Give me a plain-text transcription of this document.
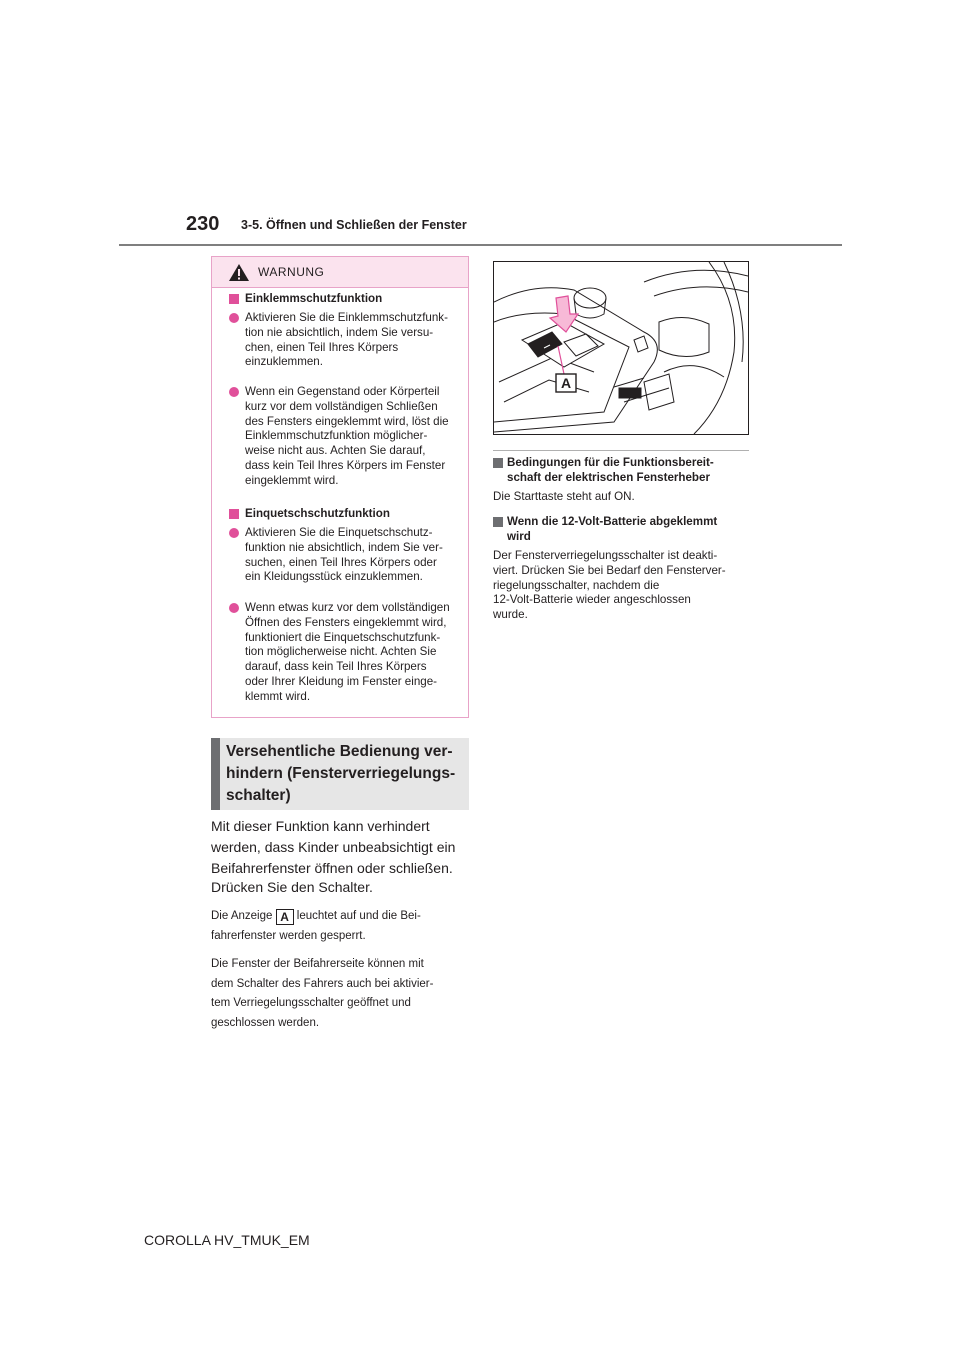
230 3-5. Öffnen und Schließen der Fenster
WARNUNG
Einklemmschutzfunktion
Aktivieren Sie die Einklemmschutzfunk-
tion nie absichtlich, indem Sie versu-
chen, einen Teil Ihres Körpers
einzuklemmen.
Wenn ein Gegenstand oder Körperteil
kurz vor dem vollständigen Schließen
des Fensters eingeklemmt wird, löst die
Einklemmschutzfunktion möglicher-
weise nicht aus. Achten Sie darauf,
dass kein Teil Ihres Körpers im Fenster
eingeklemmt wird.
Einquetschschutzfunktion
Aktivieren Sie die Einquetschschutz-
funktion nie absichtlich, indem Sie ver-
suchen, einen Teil Ihres Körpers oder
ein Kleidungsstück einzuklemmen.
Wenn etwas kurz vor dem vollständigen
Öffnen des Fensters eingeklemmt wird,
funktioniert die Einquetschschutzfunk-
tion möglicherweise nicht. Achten Sie
darauf, dass kein Teil Ihres Körpers
oder Ihrer Kleidung im Fenster einge-
klemmt wird.
Versehentliche Bedienung ver-
hindern (Fensterverriegelungs-
schalter)
Mit dieser Funktion kann verhindert
werden, dass Kinder unbeabsichtigt ein
Beifahrerfenster öffnen oder schließen.
Drücken Sie den Schalter.
Die Anzeige A leuchtet auf und die Bei-
fahrerfenster werden gesperrt.
Die Fenster der Beifahrerseite können mit
dem Schalter des Fahrers auch bei aktivier-
tem Verriegelungsschalter geöffnet und
geschlossen werden.
A
Bedingungen für die Funktionsbereit-
schaft der elektrischen Fensterheber
Die Starttaste steht auf ON.
Wenn die 12-Volt-Batterie abgeklemmt
wird
Der Fensterverriegelungsschalter ist deakti-
viert. Drücken Sie bei Bedarf den Fensterver-
riegelungsschalter, nachdem die
12-Volt-Batterie wieder angeschlossen
wurde.
COROLLA HV_TMUK_EM
